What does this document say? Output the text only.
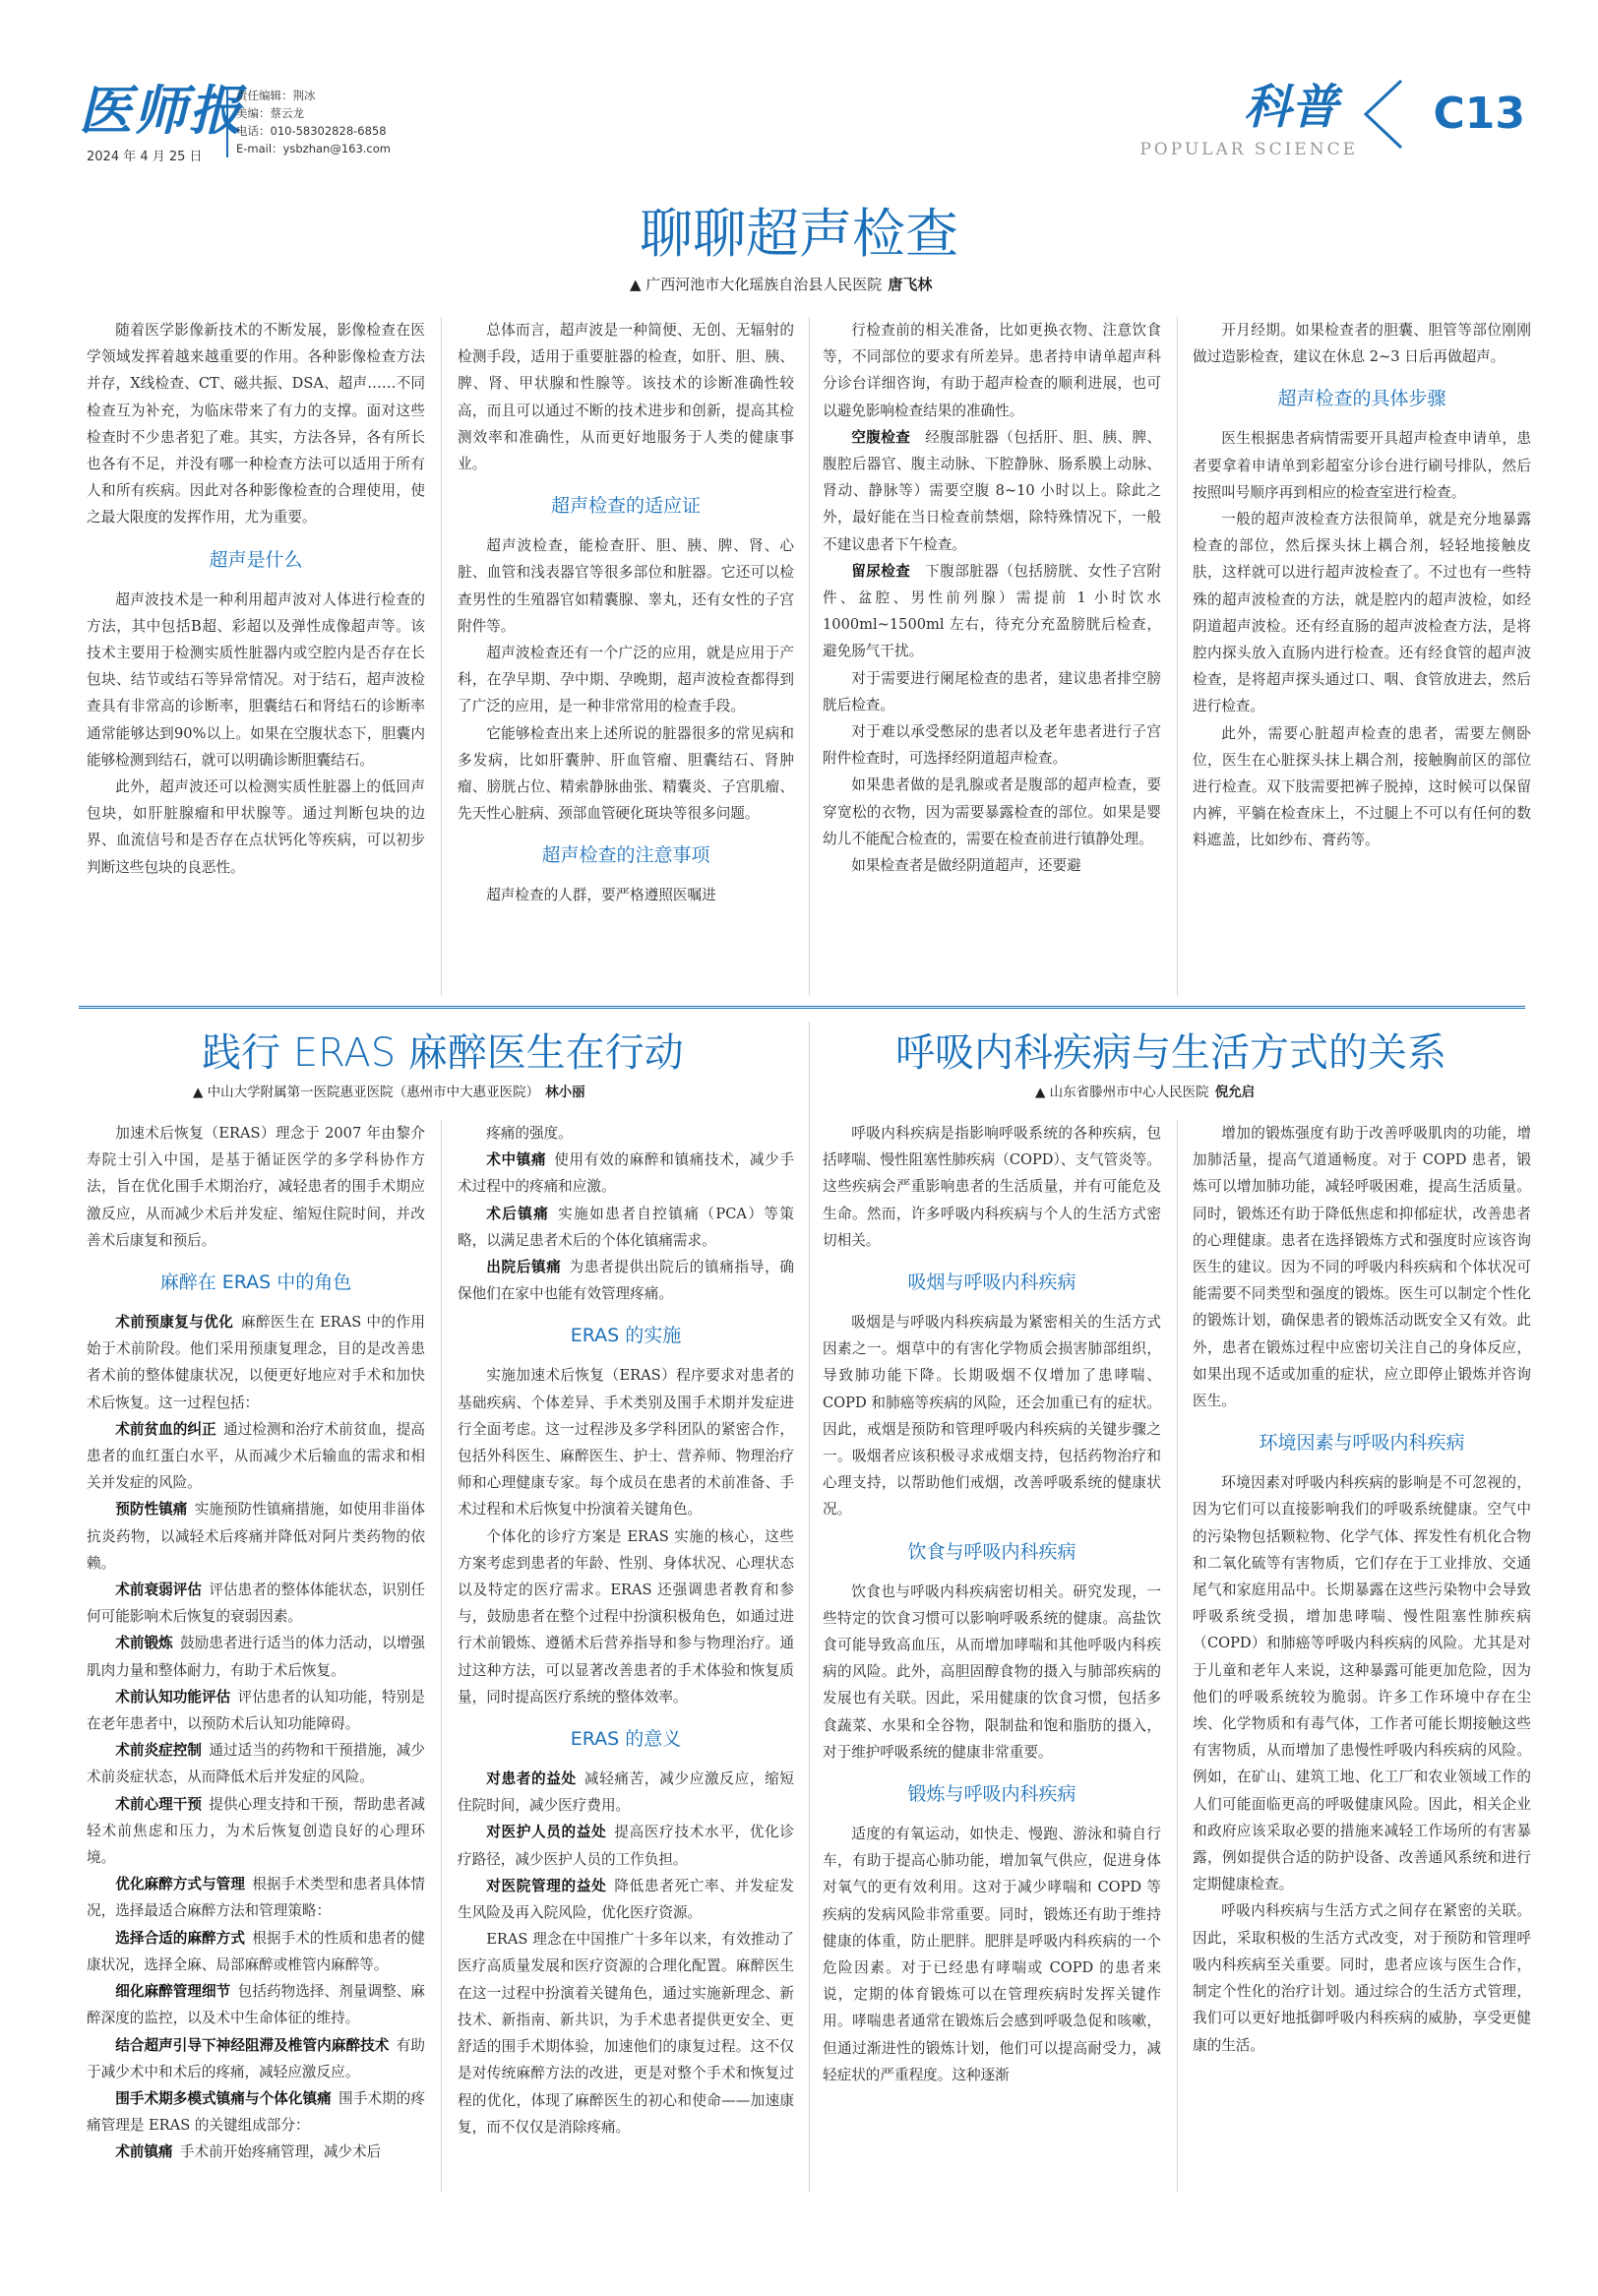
医师报
2024 年 4 月 25 日
责任编辑：荆冰
美编：蔡云龙
电话：010-58302828-6858
E-mail：ysbzhan@163.com
科普
POPULAR SCIENCE
C13
聊聊超声检查
▲ 广西河池市大化瑶族自治县人民医院 唐飞林

随着医学影像新技术的不断发展，影像检查在医学领域发挥着越来越重要的作用。各种影像检查方法并存，X线检查、CT、磁共振、DSA、超声……不同检查互为补充，为临床带来了有力的支撑。面对这些检查时不少患者犯了难。其实，方法各异，各有所长也各有不足，并没有哪一种检查方法可以适用于所有人和所有疾病。因此对各种影像检查的合理使用，使之最大限度的发挥作用，尤为重要。

超声是什么

超声波技术是一种利用超声波对人体进行检查的方法，其中包括B超、彩超以及弹性成像超声等。该技术主要用于检测实质性脏器内或空腔内是否存在长包块、结节或结石等异常情况。对于结石，超声波检查具有非常高的诊断率，胆囊结石和肾结石的诊断率通常能够达到90%以上。如果在空腹状态下，胆囊内能够检测到结石，就可以明确诊断胆囊结石。

此外，超声波还可以检测实质性脏器上的低回声包块，如肝脏腺瘤和甲状腺等。通过判断包块的边界、血流信号和是否存在点状钙化等疾病，可以初步判断这些包块的良恶性。

总体而言，超声波是一种简便、无创、无辐射的检测手段，适用于重要脏器的检查，如肝、胆、胰、脾、肾、甲状腺和性腺等。该技术的诊断准确性较高，而且可以通过不断的技术进步和创新，提高其检测效率和准确性，从而更好地服务于人类的健康事业。

超声检查的适应证

超声波检查，能检查肝、胆、胰、脾、肾、心脏、血管和浅表器官等很多部位和脏器。它还可以检查男性的生殖器官如精囊腺、睾丸，还有女性的子宫附件等。

超声波检查还有一个广泛的应用，就是应用于产科，在孕早期、孕中期、孕晚期，超声波检查都得到了广泛的应用，是一种非常常用的检查手段。

它能够检查出来上述所说的脏器很多的常见病和多发病，比如肝囊肿、肝血管瘤、胆囊结石、肾肿瘤、膀胱占位、精索静脉曲张、精囊炎、子宫肌瘤、先天性心脏病、颈部血管硬化斑块等很多问题。

超声检查的注意事项

超声检查的人群，要严格遵照医嘱进

行检查前的相关准备，比如更换衣物、注意饮食等，不同部位的要求有所差异。患者持申请单超声科分诊台详细咨询，有助于超声检查的顺利进展，也可以避免影响检查结果的准确性。

空腹检查  经腹部脏器（包括肝、胆、胰、脾、腹腔后器官、腹主动脉、下腔静脉、肠系膜上动脉、肾动、静脉等）需要空腹 8~10 小时以上。除此之外，最好能在当日检查前禁烟，除特殊情况下，一般不建议患者下午检查。

留尿检查  下腹部脏器（包括膀胱、女性子宫附件、盆腔、男性前列腺）需提前 1 小时饮水 1000ml~1500ml 左右，待充分充盈膀胱后检查，避免肠气干扰。

对于需要进行阑尾检查的患者，建议患者排空膀胱后检查。

对于难以承受憋尿的患者以及老年患者进行子宫附件检查时，可选择经阴道超声检查。

如果患者做的是乳腺或者是腹部的超声检查，要穿宽松的衣物，因为需要暴露检查的部位。如果是婴幼儿不能配合检查的，需要在检查前进行镇静处理。

如果检查者是做经阴道超声，还要避

开月经期。如果检查者的胆囊、胆管等部位刚刚做过造影检查，建议在休息 2~3 日后再做超声。

超声检查的具体步骤

医生根据患者病情需要开具超声检查申请单，患者要拿着申请单到彩超室分诊台进行刷号排队，然后按照叫号顺序再到相应的检查室进行检查。

一般的超声波检查方法很简单，就是充分地暴露检查的部位，然后探头抹上耦合剂，轻轻地接触皮肤，这样就可以进行超声波检查了。不过也有一些特殊的超声波检查的方法，就是腔内的超声波检，如经阴道超声波检。还有经直肠的超声波检查方法，是将腔内探头放入直肠内进行检查。还有经食管的超声波检查，是将超声探头通过口、咽、食管放进去，然后进行检查。

此外，需要心脏超声检查的患者，需要左侧卧位，医生在心脏探头抹上耦合剂，接触胸前区的部位进行检查。双下肢需要把裤子脱掉，这时候可以保留内裤，平躺在检查床上，不过腿上不可以有任何的数料遮盖，比如纱布、膏药等。

践行 ERAS 麻醉医生在行动
▲ 中山大学附属第一医院惠亚医院（惠州市中大惠亚医院） 林小丽

加速术后恢复（ERAS）理念于 2007 年由黎介寿院士引入中国，是基于循证医学的多学科协作方法，旨在优化围手术期治疗，减轻患者的围手术期应激反应，从而减少术后并发症、缩短住院时间，并改善术后康复和预后。

麻醉在 ERAS 中的角色

术前预康复与优化  麻醉医生在 ERAS 中的作用始于术前阶段。他们采用预康复理念，目的是改善患者术前的整体健康状况，以便更好地应对手术和加快术后恢复。这一过程包括：

术前贫血的纠正  通过检测和治疗术前贫血，提高患者的血红蛋白水平，从而减少术后输血的需求和相关并发症的风险。

预防性镇痛  实施预防性镇痛措施，如使用非甾体抗炎药物，以减轻术后疼痛并降低对阿片类药物的依赖。

术前衰弱评估  评估患者的整体体能状态，识别任何可能影响术后恢复的衰弱因素。

术前锻炼  鼓励患者进行适当的体力活动，以增强肌肉力量和整体耐力，有助于术后恢复。

术前认知功能评估  评估患者的认知功能，特别是在老年患者中，以预防术后认知功能障碍。

术前炎症控制  通过适当的药物和干预措施，减少术前炎症状态，从而降低术后并发症的风险。

术前心理干预  提供心理支持和干预，帮助患者减轻术前焦虑和压力，为术后恢复创造良好的心理环境。

优化麻醉方式与管理  根据手术类型和患者具体情况，选择最适合麻醉方法和管理策略：

选择合适的麻醉方式  根据手术的性质和患者的健康状况，选择全麻、局部麻醉或椎管内麻醉等。

细化麻醉管理细节  包括药物选择、剂量调整、麻醉深度的监控，以及术中生命体征的维持。

结合超声引导下神经阻滞及椎管内麻醉技术  有助于减少术中和术后的疼痛，减轻应激反应。

围手术期多模式镇痛与个体化镇痛  围手术期的疼痛管理是 ERAS 的关键组成部分：

术前镇痛  手术前开始疼痛管理，减少术后

疼痛的强度。

术中镇痛  使用有效的麻醉和镇痛技术，减少手术过程中的疼痛和应激。

术后镇痛  实施如患者自控镇痛（PCA）等策略，以满足患者术后的个体化镇痛需求。

出院后镇痛  为患者提供出院后的镇痛指导，确保他们在家中也能有效管理疼痛。

ERAS 的实施

实施加速术后恢复（ERAS）程序要求对患者的基础疾病、个体差异、手术类别及围手术期并发症进行全面考虑。这一过程涉及多学科团队的紧密合作，包括外科医生、麻醉医生、护士、营养师、物理治疗师和心理健康专家。每个成员在患者的术前准备、手术过程和术后恢复中扮演着关键角色。

个体化的诊疗方案是 ERAS 实施的核心，这些方案考虑到患者的年龄、性别、身体状况、心理状态以及特定的医疗需求。ERAS 还强调患者教育和参与，鼓励患者在整个过程中扮演积极角色，如通过进行术前锻炼、遵循术后营养指导和参与物理治疗。通过这种方法，可以显著改善患者的手术体验和恢复质量，同时提高医疗系统的整体效率。

ERAS 的意义

对患者的益处  减轻痛苦，减少应激反应，缩短住院时间，减少医疗费用。

对医护人员的益处  提高医疗技术水平，优化诊疗路径，减少医护人员的工作负担。

对医院管理的益处  降低患者死亡率、并发症发生风险及再入院风险，优化医疗资源。

ERAS 理念在中国推广十多年以来，有效推动了医疗高质量发展和医疗资源的合理化配置。麻醉医生在这一过程中扮演着关键角色，通过实施新理念、新技术、新指南、新共识，为手术患者提供更安全、更舒适的围手术期体验，加速他们的康复过程。这不仅是对传统麻醉方法的改进，更是对整个手术和恢复过程的优化，体现了麻醉医生的初心和使命——加速康复，而不仅仅是消除疼痛。

呼吸内科疾病与生活方式的关系
▲ 山东省滕州市中心人民医院 倪允启

呼吸内科疾病是指影响呼吸系统的各种疾病，包括哮喘、慢性阻塞性肺疾病（COPD）、支气管炎等。这些疾病会严重影响患者的生活质量，并有可能危及生命。然而，许多呼吸内科疾病与个人的生活方式密切相关。

吸烟与呼吸内科疾病

吸烟是与呼吸内科疾病最为紧密相关的生活方式因素之一。烟草中的有害化学物质会损害肺部组织，导致肺功能下降。长期吸烟不仅增加了患哮喘、COPD 和肺癌等疾病的风险，还会加重已有的症状。因此，戒烟是预防和管理呼吸内科疾病的关键步骤之一。吸烟者应该积极寻求戒烟支持，包括药物治疗和心理支持，以帮助他们戒烟，改善呼吸系统的健康状况。

饮食与呼吸内科疾病

饮食也与呼吸内科疾病密切相关。研究发现，一些特定的饮食习惯可以影响呼吸系统的健康。高盐饮食可能导致高血压，从而增加哮喘和其他呼吸内科疾病的风险。此外，高胆固醇食物的摄入与肺部疾病的发展也有关联。因此，采用健康的饮食习惯，包括多食蔬菜、水果和全谷物，限制盐和饱和脂肪的摄入，对于维护呼吸系统的健康非常重要。

锻炼与呼吸内科疾病

适度的有氧运动，如快走、慢跑、游泳和骑自行车，有助于提高心肺功能，增加氧气供应，促进身体对氧气的更有效利用。这对于减少哮喘和 COPD 等疾病的发病风险非常重要。同时，锻炼还有助于维持健康的体重，防止肥胖。肥胖是呼吸内科疾病的一个危险因素。对于已经患有哮喘或 COPD 的患者来说，定期的体育锻炼可以在管理疾病时发挥关键作用。哮喘患者通常在锻炼后会感到呼吸急促和咳嗽，但通过渐进性的锻炼计划，他们可以提高耐受力，减轻症状的严重程度。这种逐渐

增加的锻炼强度有助于改善呼吸肌肉的功能，增加肺活量，提高气道通畅度。对于 COPD 患者，锻炼可以增加肺功能，减轻呼吸困难，提高生活质量。同时，锻炼还有助于降低焦虑和抑郁症状，改善患者的心理健康。患者在选择锻炼方式和强度时应该咨询医生的建议。因为不同的呼吸内科疾病和个体状况可能需要不同类型和强度的锻炼。医生可以制定个性化的锻炼计划，确保患者的锻炼活动既安全又有效。此外，患者在锻炼过程中应密切关注自己的身体反应，如果出现不适或加重的症状，应立即停止锻炼并咨询医生。

环境因素与呼吸内科疾病

环境因素对呼吸内科疾病的影响是不可忽视的，因为它们可以直接影响我们的呼吸系统健康。空气中的污染物包括颗粒物、化学气体、挥发性有机化合物和二氧化硫等有害物质，它们存在于工业排放、交通尾气和家庭用品中。长期暴露在这些污染物中会导致呼吸系统受损，增加患哮喘、慢性阻塞性肺疾病（COPD）和肺癌等呼吸内科疾病的风险。尤其是对于儿童和老年人来说，这种暴露可能更加危险，因为他们的呼吸系统较为脆弱。许多工作环境中存在尘埃、化学物质和有毒气体，工作者可能长期接触这些有害物质，从而增加了患慢性呼吸内科疾病的风险。例如，在矿山、建筑工地、化工厂和农业领域工作的人们可能面临更高的呼吸健康风险。因此，相关企业和政府应该采取必要的措施来减轻工作场所的有害暴露，例如提供合适的防护设备、改善通风系统和进行定期健康检查。

呼吸内科疾病与生活方式之间存在紧密的关联。因此，采取积极的生活方式改变，对于预防和管理呼吸内科疾病至关重要。同时，患者应该与医生合作，制定个性化的治疗计划。通过综合的生活方式管理，我们可以更好地抵御呼吸内科疾病的威胁，享受更健康的生活。
